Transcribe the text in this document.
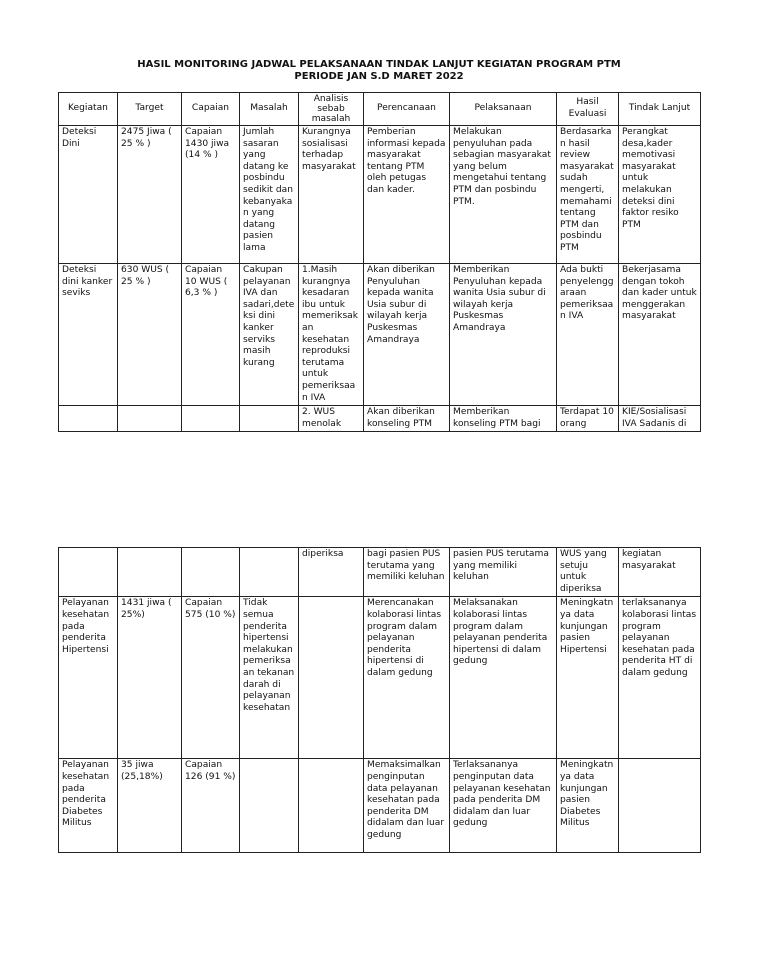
HASIL MONITORING JADWAL PELAKSANAAN TINDAK LANJUT KEGIATAN PROGRAM PTM
PERIODE JAN S.D MARET 2022
Kegiatan	Target	Capaian	Masalah	Analisis sebab masalah	Perencanaan	Pelaksanaan	Hasil Evaluasi	Tindak Lanjut
Deteksi Dini	2475 Jiwa ( 25 % )	Capaian 1430 jiwa (14 % )	Jumlah sasaran yang datang ke posbindu sedikit dan kebanyakan yang datang pasien lama	Kurangnya sosialisasi terhadap masyarakat	Pemberian informasi kepada masyarakat tentang PTM oleh petugas dan kader.	Melakukan penyuluhan pada sebagian masyarakat yang belum mengetahui tentang PTM dan posbindu PTM.	Berdasarkan hasil review masyarakat sudah mengerti, memahami tentang PTM dan posbindu PTM	Perangkat desa,kader memotivasi masyarakat untuk melakukan deteksi dini faktor resiko PTM
Deteksi dini kanker seviks	630 WUS ( 25 % )	Capaian 10 WUS ( 6,3 % )	Cakupan pelayanan IVA dan sadari,deteksi dini kanker serviks masih kurang	1.Masih kurangnya kesadaran ibu untuk memeriksakan kesehatan reproduksi terutama untuk pemeriksaan IVA	Akan diberikan Penyuluhan kepada wanita Usia subur di wilayah kerja Puskesmas Amandraya	Memberikan Penyuluhan kepada wanita Usia subur di wilayah kerja Puskesmas Amandraya	Ada bukti penyelenggaraan pemeriksaan IVA	Bekerjasama dengan tokoh dan kader untuk menggerakan masyarakat

				2. WUS menolak	Akan diberikan konseling PTM	Memberikan konseling PTM bagi	Terdapat 10 orang	KIE/Sosialisasi IVA Sadanis di
				diperiksa	bagi pasien PUS terutama yang memiliki keluhan	pasien PUS terutama yang memiliki keluhan	WUS yang setuju untuk diperiksa	kegiatan masyarakat
Pelayanan kesehatan pada penderita Hipertensi	1431 jiwa ( 25%)	Capaian 575 (10 %)	Tidak semua penderita hipertensi melakukan pemeriksaan tekanan darah di pelayanan kesehatan		Merencanakan kolaborasi lintas program dalam pelayanan penderita hipertensi di dalam gedung	Melaksanakan kolaborasi lintas program dalam pelayanan penderita hipertensi di dalam gedung	Meningkatnya data kunjungan pasien Hipertensi	terlaksananya kolaborasi lintas program pelayanan kesehatan pada penderita HT di dalam gedung
Pelayanan kesehatan pada penderita Diabetes Militus	35 jiwa (25,18%)	Capaian 126 (91 %)			Memaksimalkan penginputan data pelayanan kesehatan pada penderita DM didalam dan luar gedung	Terlaksananya penginputan data pelayanan kesehatan pada penderita DM didalam dan luar gedung	Meningkatnya data kunjungan pasien Diabetes Militus	
